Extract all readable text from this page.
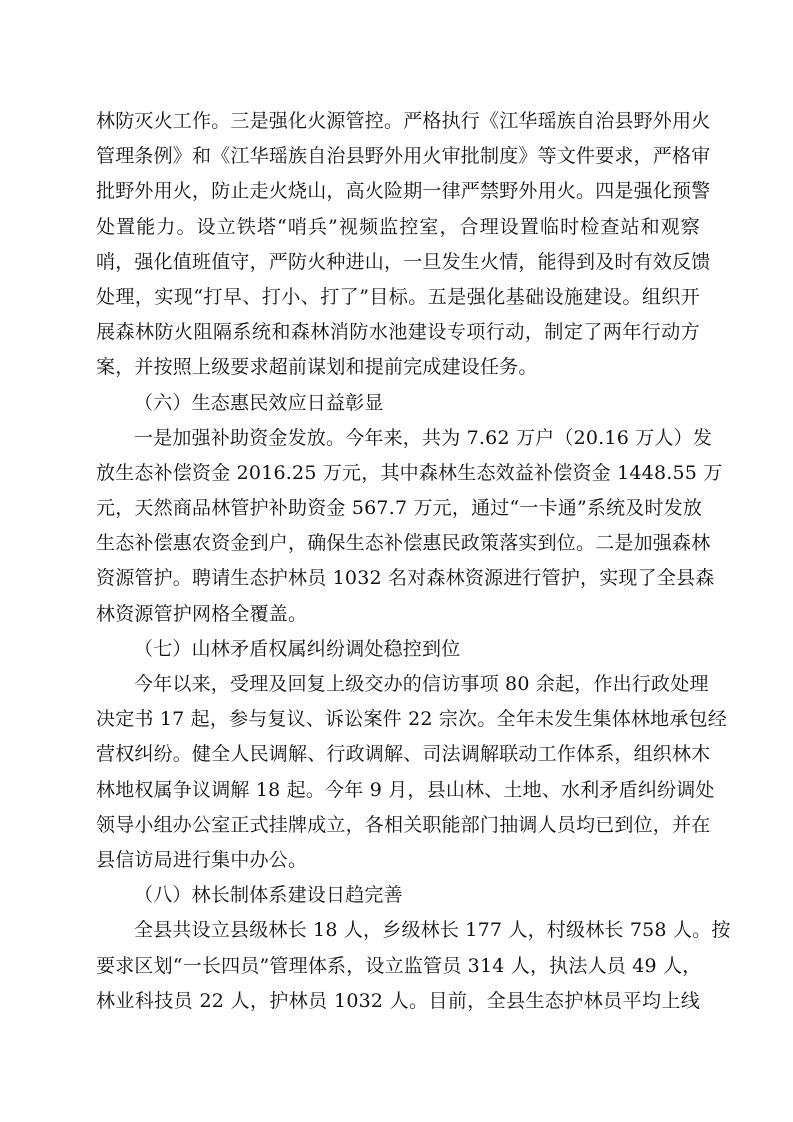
林防灭火工作。三是强化火源管控。严格执行《江华瑶族自治县野外用火
管理条例》和《江华瑶族自治县野外用火审批制度》等文件要求，严格审
批野外用火，防止走火烧山，高火险期一律严禁野外用火。四是强化预警
处置能力。设立铁塔“哨兵”视频监控室，合理设置临时检查站和观察
哨，强化值班值守，严防火种进山，一旦发生火情，能得到及时有效反馈
处理，实现“打早、打小、打了”目标。五是强化基础设施建设。组织开
展森林防火阻隔系统和森林消防水池建设专项行动，制定了两年行动方
案，并按照上级要求超前谋划和提前完成建设任务。
（六）生态惠民效应日益彰显
一是加强补助资金发放。今年来，共为 7.62 万户（20.16 万人）发
放生态补偿资金 2016.25 万元，其中森林生态效益补偿资金 1448.55 万
元，天然商品林管护补助资金 567.7 万元，通过“一卡通”系统及时发放
生态补偿惠农资金到户，确保生态补偿惠民政策落实到位。二是加强森林
资源管护。聘请生态护林员 1032 名对森林资源进行管护，实现了全县森
林资源管护网格全覆盖。
（七）山林矛盾权属纠纷调处稳控到位
今年以来，受理及回复上级交办的信访事项 80 余起，作出行政处理
决定书 17 起，参与复议、诉讼案件 22 宗次。全年未发生集体林地承包经
营权纠纷。健全人民调解、行政调解、司法调解联动工作体系，组织林木
林地权属争议调解 18 起。今年 9 月，县山林、土地、水利矛盾纠纷调处
领导小组办公室正式挂牌成立，各相关职能部门抽调人员均已到位，并在
县信访局进行集中办公。
（八）林长制体系建设日趋完善
全县共设立县级林长 18 人，乡级林长 177 人，村级林长 758 人。按
要求区划“一长四员”管理体系，设立监管员 314 人，执法人员 49 人，
林业科技员 22 人，护林员 1032 人。目前，全县生态护林员平均上线
